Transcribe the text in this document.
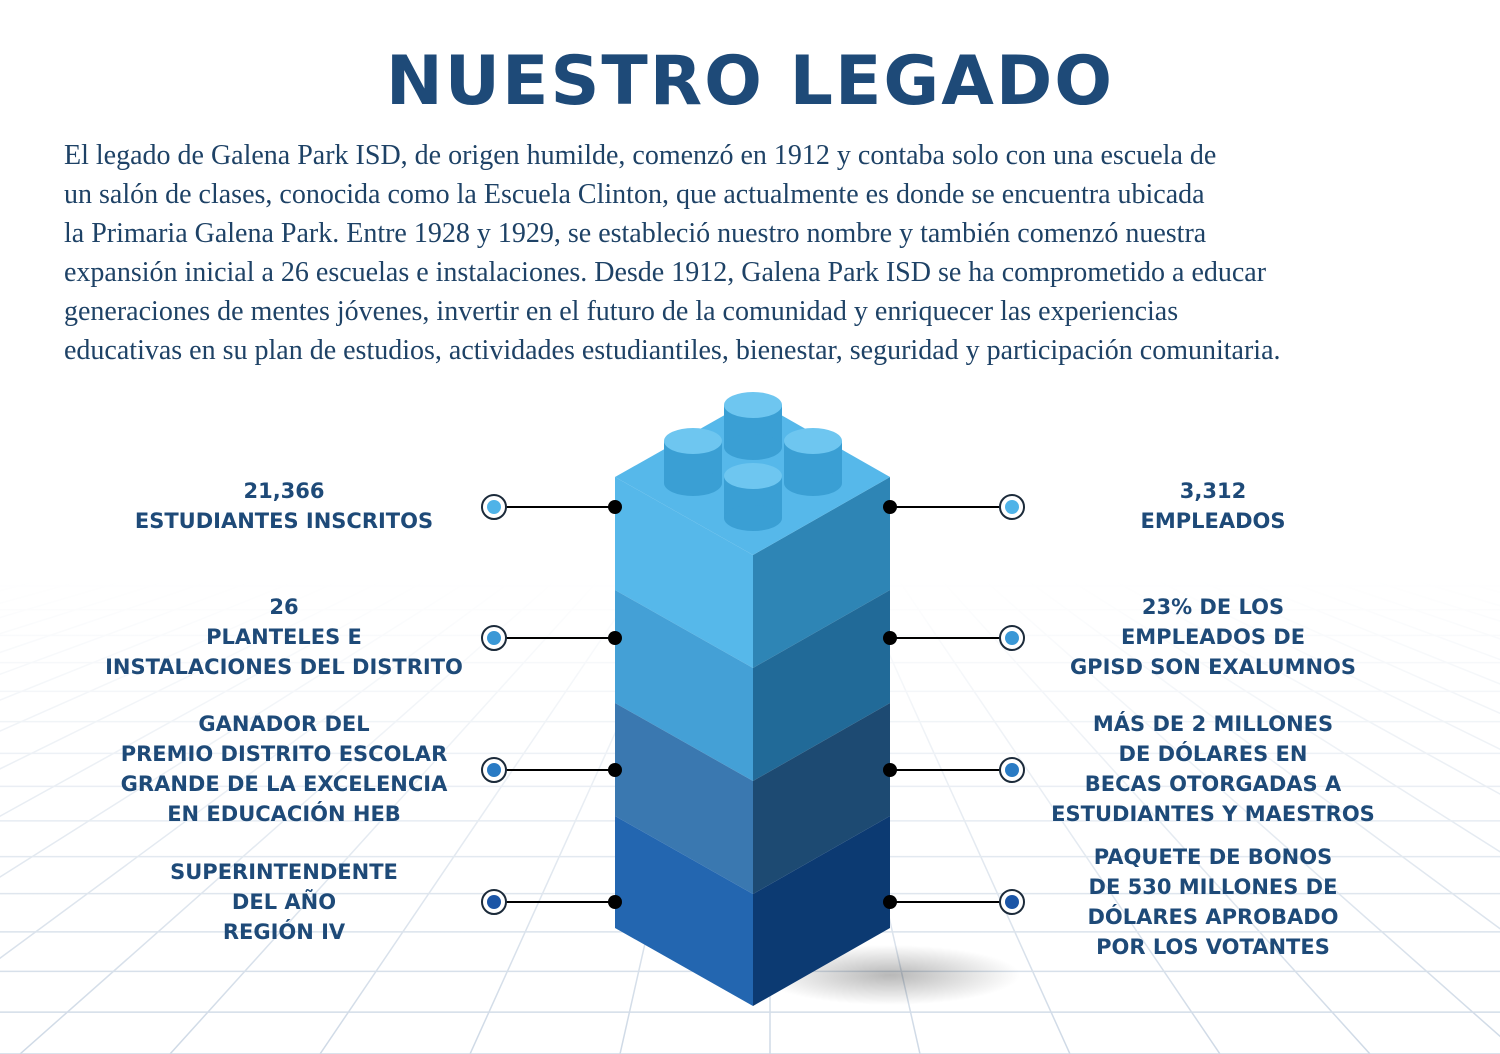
NUESTRO LEGADO
El legado de Galena Park ISD, de origen humilde, comenzó en 1912 y contaba solo con una escuela de
un salón de clases, conocida como la Escuela Clinton, que actualmente es donde se encuentra ubicada
la Primaria Galena Park. Entre 1928 y 1929, se estableció nuestro nombre y también comenzó nuestra
expansión inicial a 26 escuelas e instalaciones. Desde 1912, Galena Park ISD se ha comprometido a educar
generaciones de mentes jóvenes, invertir en el futuro de la comunidad y enriquecer las experiencias
educativas en su plan de estudios, actividades estudiantiles, bienestar, seguridad y participación comunitaria.
21,366
ESTUDIANTES INSCRITOS
26
PLANTELES E
INSTALACIONES DEL DISTRITO
GANADOR DEL
PREMIO DISTRITO ESCOLAR
GRANDE DE LA EXCELENCIA
EN EDUCACIÓN HEB
SUPERINTENDENTE
DEL AÑO
REGIÓN IV
3,312
EMPLEADOS
23% DE LOS
EMPLEADOS DE
GPISD SON EXALUMNOS
MÁS DE 2 MILLONES
DE DÓLARES EN
BECAS OTORGADAS A
ESTUDIANTES Y MAESTROS
PAQUETE DE BONOS
DE 530 MILLONES DE
DÓLARES APROBADO
POR LOS VOTANTES
